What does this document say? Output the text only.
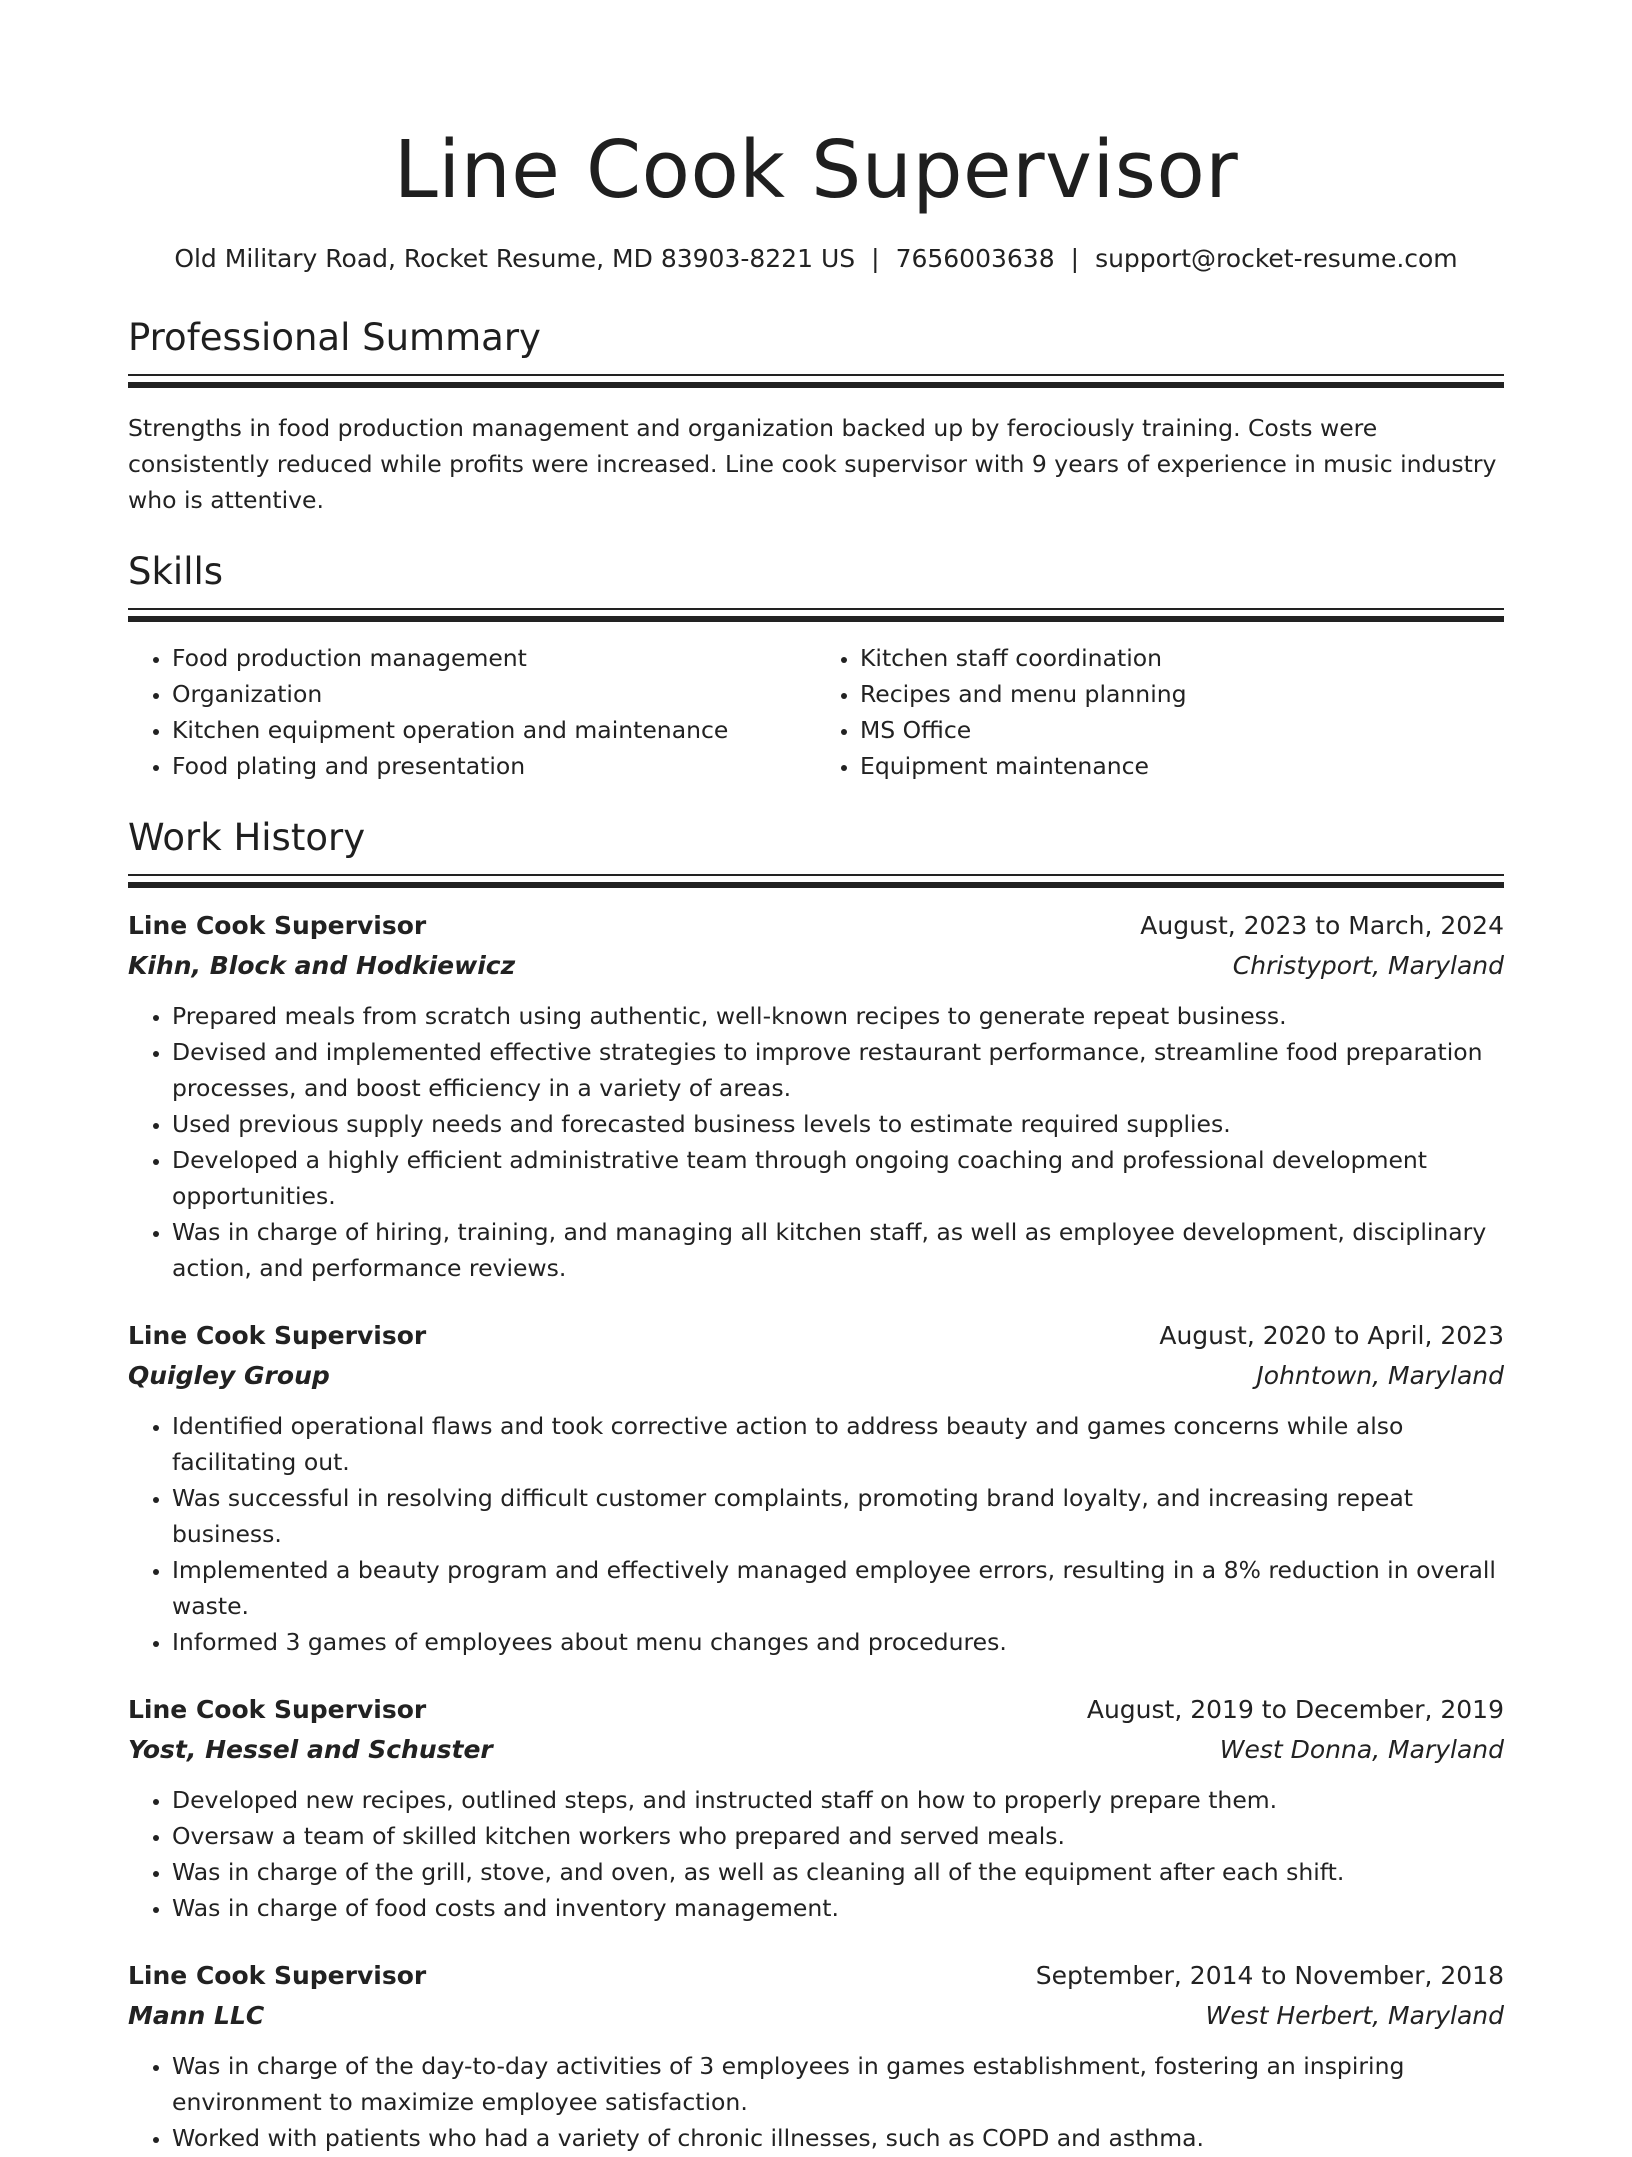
Line Cook Supervisor
Old Military Road, Rocket Resume, MD 83903-8221 US | 7656003638 | support@rocket-resume.com
Professional Summary

Strengths in food production management and organization backed up by ferociously training. Costs were consistently reduced while profits were increased. Line cook supervisor with 9 years of experience in music industry who is attentive.

Skills
• Food production management
• Organization
• Kitchen equipment operation and maintenance
• Food plating and presentation
• Kitchen staff coordination
• Recipes and menu planning
• MS Office
• Equipment maintenance
Work History
Line Cook Supervisor	August, 2023 to March, 2024
Kihn, Block and Hodkiewicz	Christyport, Maryland
• Prepared meals from scratch using authentic, well-known recipes to generate repeat business.
• Devised and implemented effective strategies to improve restaurant performance, streamline food preparation processes, and boost efficiency in a variety of areas.
• Used previous supply needs and forecasted business levels to estimate required supplies.
• Developed a highly efficient administrative team through ongoing coaching and professional development opportunities.
• Was in charge of hiring, training, and managing all kitchen staff, as well as employee development, disciplinary action, and performance reviews.
Line Cook Supervisor	August, 2020 to April, 2023
Quigley Group	Johntown, Maryland
• Identified operational flaws and took corrective action to address beauty and games concerns while also facilitating out.
• Was successful in resolving difficult customer complaints, promoting brand loyalty, and increasing repeat business.
• Implemented a beauty program and effectively managed employee errors, resulting in a 8% reduction in overall waste.
• Informed 3 games of employees about menu changes and procedures.
Line Cook Supervisor	August, 2019 to December, 2019
Yost, Hessel and Schuster	West Donna, Maryland
• Developed new recipes, outlined steps, and instructed staff on how to properly prepare them.
• Oversaw a team of skilled kitchen workers who prepared and served meals.
• Was in charge of the grill, stove, and oven, as well as cleaning all of the equipment after each shift.
• Was in charge of food costs and inventory management.
Line Cook Supervisor	September, 2014 to November, 2018
Mann LLC	West Herbert, Maryland
• Was in charge of the day-to-day activities of 3 employees in games establishment, fostering an inspiring environment to maximize employee satisfaction.
• Worked with patients who had a variety of chronic illnesses, such as COPD and asthma.
